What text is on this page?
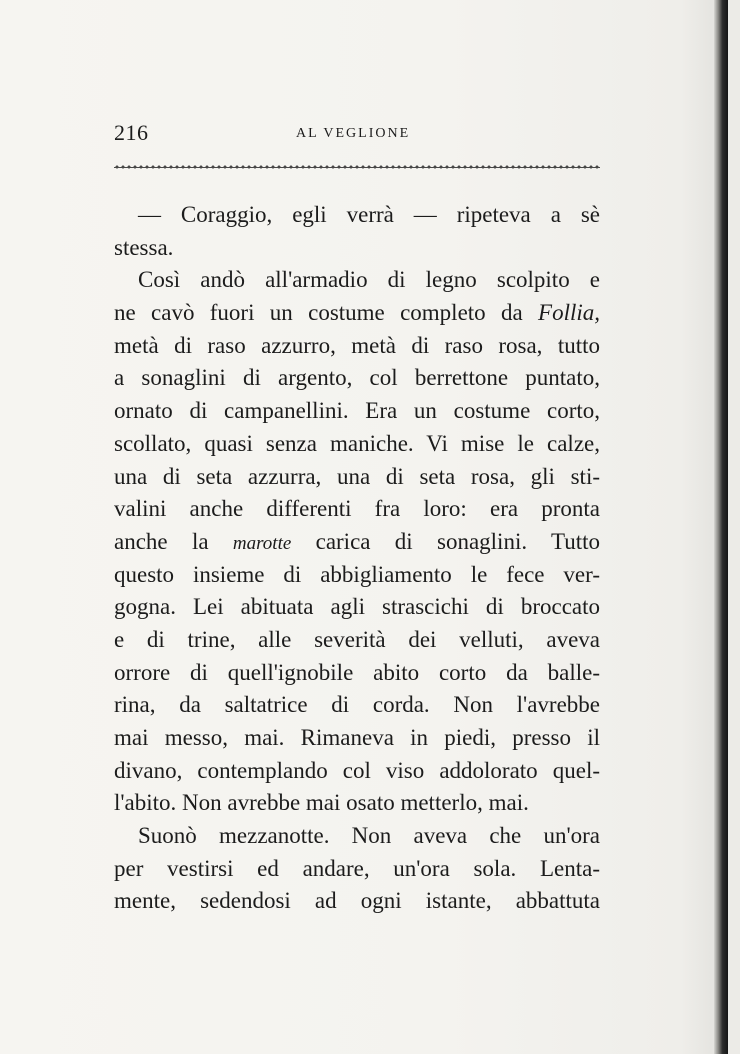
216	AL VEGLIONE
— Coraggio, egli verrà — ripeteva a sè
stessa.
Così andò all'armadio di legno scolpito e
ne cavò fuori un costume completo da Follia,
metà di raso azzurro, metà di raso rosa, tutto
a sonaglini di argento, col berrettone puntato,
ornato di campanellini. Era un costume corto,
scollato, quasi senza maniche. Vi mise le calze,
una di seta azzurra, una di seta rosa, gli sti-
valini anche differenti fra loro: era pronta
anche la marotte carica di sonaglini. Tutto
questo insieme di abbigliamento le fece ver-
gogna. Lei abituata agli strascichi di broccato
e di trine, alle severità dei velluti, aveva
orrore di quell'ignobile abito corto da balle-
rina, da saltatrice di corda. Non l'avrebbe
mai messo, mai. Rimaneva in piedi, presso il
divano, contemplando col viso addolorato quel-
l'abito. Non avrebbe mai osato metterlo, mai.
Suonò mezzanotte. Non aveva che un'ora
per vestirsi ed andare, un'ora sola. Lenta-
mente, sedendosi ad ogni istante, abbattuta
